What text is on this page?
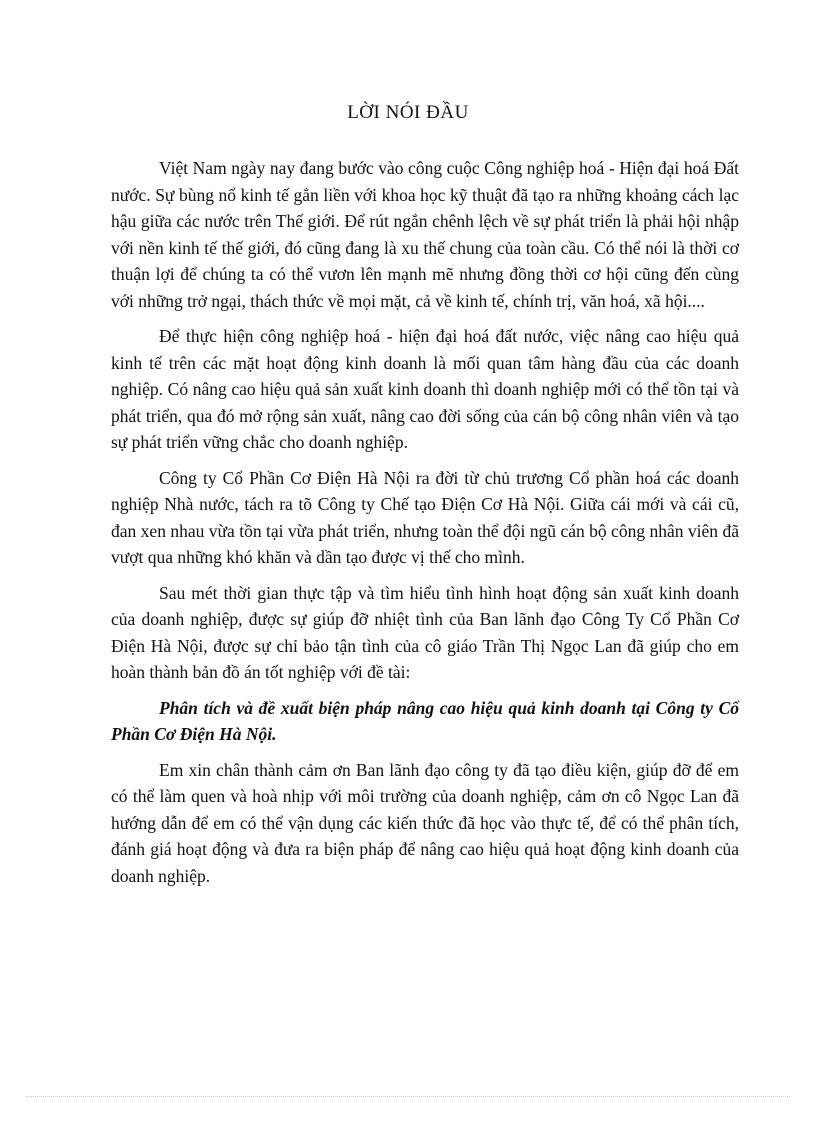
LỜI NÓI ĐẦU

Việt Nam ngày nay đang bước vào công cuộc Công nghiệp hoá - Hiện đại hoá Đất nước. Sự bùng nổ kinh tế gắn liền với khoa học kỹ thuật đã tạo ra những khoảng cách lạc hậu giữa các nước trên Thế giới. Để rút ngắn chênh lệch về sự phát triển là phải hội nhập với nền kinh tế thế giới, đó cũng đang là xu thế chung của toàn cầu. Có thể nói là thời cơ thuận lợi để chúng ta có thể vươn lên mạnh mẽ nhưng đồng thời cơ hội cũng đến cùng với những trở ngại, thách thức về mọi mặt, cả về kinh tế, chính trị, văn hoá, xã hội....

Để thực hiện công nghiệp hoá - hiện đại hoá đất nước, việc nâng cao hiệu quả kinh tế trên các mặt hoạt động kinh doanh là mối quan tâm hàng đầu của các doanh nghiệp. Có nâng cao hiệu quả sản xuất kinh doanh thì doanh nghiệp mới có thể tồn tại và phát triển, qua đó mở rộng sản xuất, nâng cao đời sống của cán bộ công nhân viên và tạo sự phát triển vững chắc cho doanh nghiệp.

Công ty Cổ Phần Cơ Điện Hà Nội ra đời từ chủ trương Cổ phần hoá các doanh nghiệp Nhà nước, tách ra tõ Công ty Chế tạo Điện Cơ Hà Nội. Giữa cái mới và cái cũ, đan xen nhau vừa tồn tại vừa phát triển, nhưng toàn thể đội ngũ cán bộ công nhân viên đã vượt qua những khó khăn và dần tạo được vị thế cho mình.

Sau mét thời gian thực tập và tìm hiểu tình hình hoạt động sản xuất kinh doanh của doanh nghiệp, được sự giúp đỡ nhiệt tình của Ban lãnh đạo Công Ty Cổ Phần Cơ Điện Hà Nội, được sự chỉ bảo tận tình của cô giáo Trần Thị Ngọc Lan đã giúp cho em hoàn thành bản đồ án tốt nghiệp với đề tài:

Phân tích và đề xuất biện pháp nâng cao hiệu quả kinh doanh tại Công ty Cổ Phần Cơ Điện Hà Nội.

Em xin chân thành cảm ơn Ban lãnh đạo công ty đã tạo điều kiện, giúp đỡ để em có thể làm quen và hoà nhịp với môi trường của doanh nghiệp, cảm ơn cô Ngọc Lan đã hướng dẫn để em có thể vận dụng các kiến thức đã học vào thực tế, để có thể phân tích, đánh giá hoạt động và đưa ra biện pháp để nâng cao hiệu quả hoạt động kinh doanh của doanh nghiệp.
